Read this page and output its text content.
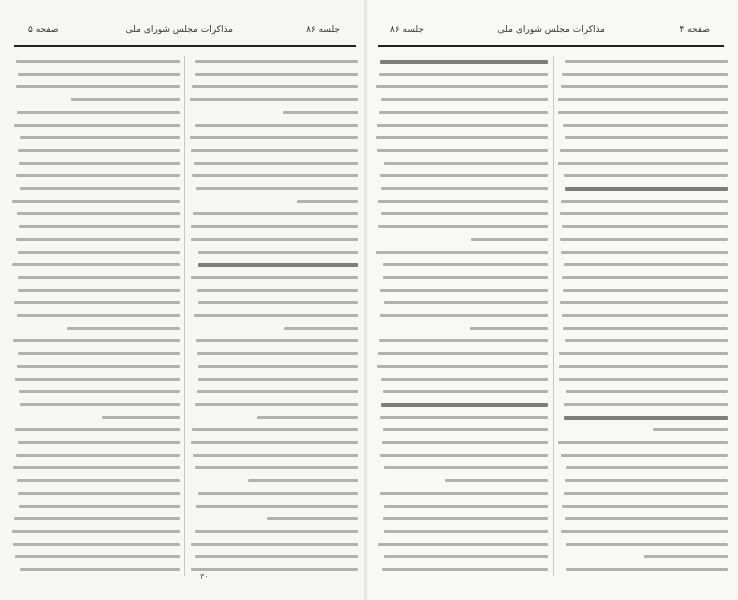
جلسه ۸۶
مذاکرات مجلس شورای ملی
صفحه ۵
۳۰
صفحه ۴
مذاکرات مجلس شورای ملی
جلسه ۸۶
